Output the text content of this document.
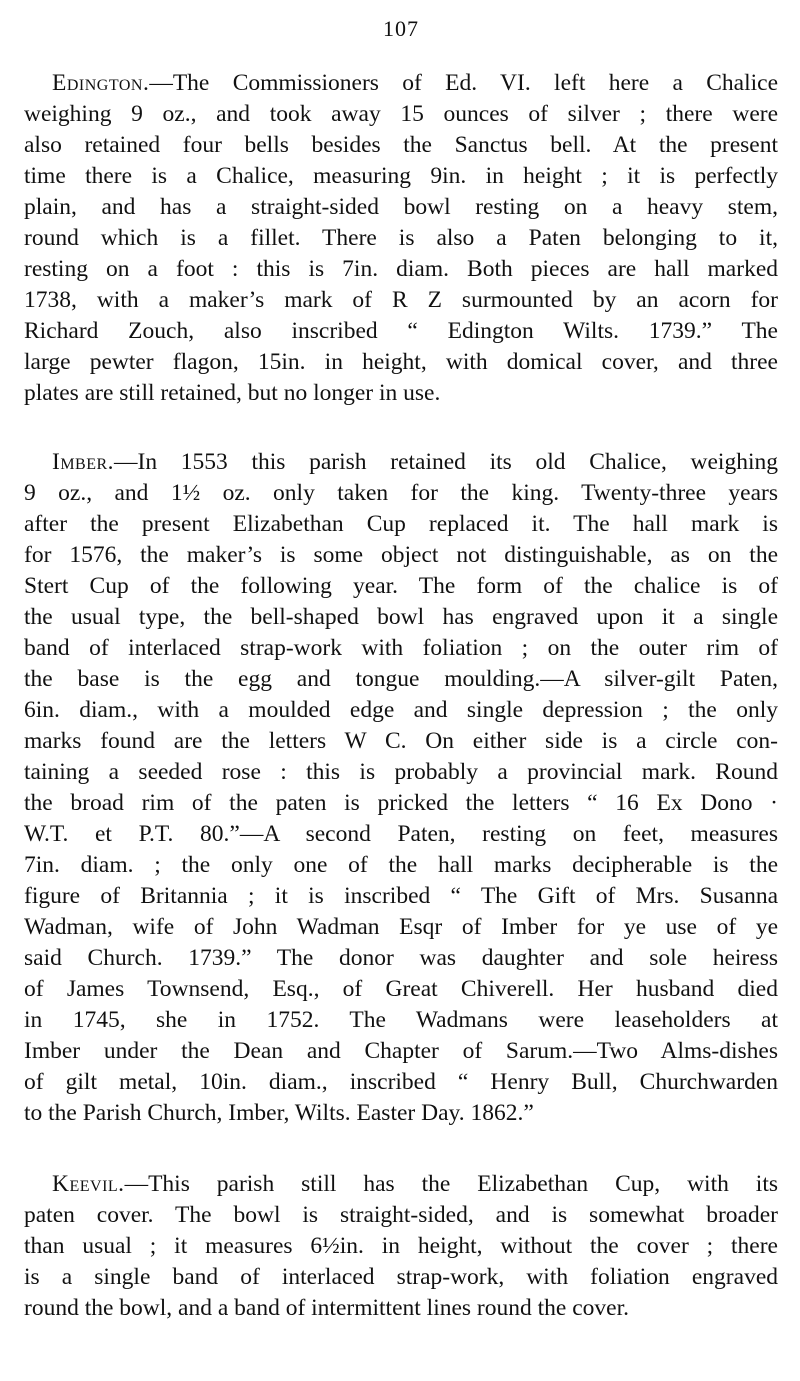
107
Edington.—The Commissioners of Ed. VI. left here a Chalice
weighing 9 oz., and took away 15 ounces of silver ; there were
also retained four bells besides the Sanctus bell. At the present
time there is a Chalice, measuring 9in. in height ; it is perfectly
plain, and has a straight-sided bowl resting on a heavy stem,
round which is a fillet. There is also a Paten belonging to it,
resting on a foot : this is 7in. diam. Both pieces are hall marked
1738, with a maker’s mark of R Z surmounted by an acorn for
Richard Zouch, also inscribed “ Edington Wilts. 1739.” The
large pewter flagon, 15in. in height, with domical cover, and three
plates are still retained, but no longer in use.
Imber.—In 1553 this parish retained its old Chalice, weighing
9 oz., and 1½ oz. only taken for the king. Twenty-three years
after the present Elizabethan Cup replaced it. The hall mark is
for 1576, the maker’s is some object not distinguishable, as on the
Stert Cup of the following year. The form of the chalice is of
the usual type, the bell-shaped bowl has engraved upon it a single
band of interlaced strap-work with foliation ; on the outer rim of
the base is the egg and tongue moulding.—A silver-gilt Paten,
6in. diam., with a moulded edge and single depression ; the only
marks found are the letters W C. On either side is a circle con-
taining a seeded rose : this is probably a provincial mark. Round
the broad rim of the paten is pricked the letters “ 16 Ex Dono ·
W.T. et P.T. 80.”—A second Paten, resting on feet, measures
7in. diam. ; the only one of the hall marks decipherable is the
figure of Britannia ; it is inscribed “ The Gift of Mrs. Susanna
Wadman, wife of John Wadman Esqr of Imber for ye use of ye
said Church. 1739.” The donor was daughter and sole heiress
of James Townsend, Esq., of Great Chiverell. Her husband died
in 1745, she in 1752. The Wadmans were leaseholders at
Imber under the Dean and Chapter of Sarum.—Two Alms-dishes
of gilt metal, 10in. diam., inscribed “ Henry Bull, Churchwarden
to the Parish Church, Imber, Wilts. Easter Day. 1862.”
Keevil.—This parish still has the Elizabethan Cup, with its
paten cover. The bowl is straight-sided, and is somewhat broader
than usual ; it measures 6½in. in height, without the cover ; there
is a single band of interlaced strap-work, with foliation engraved
round the bowl, and a band of intermittent lines round the cover.
